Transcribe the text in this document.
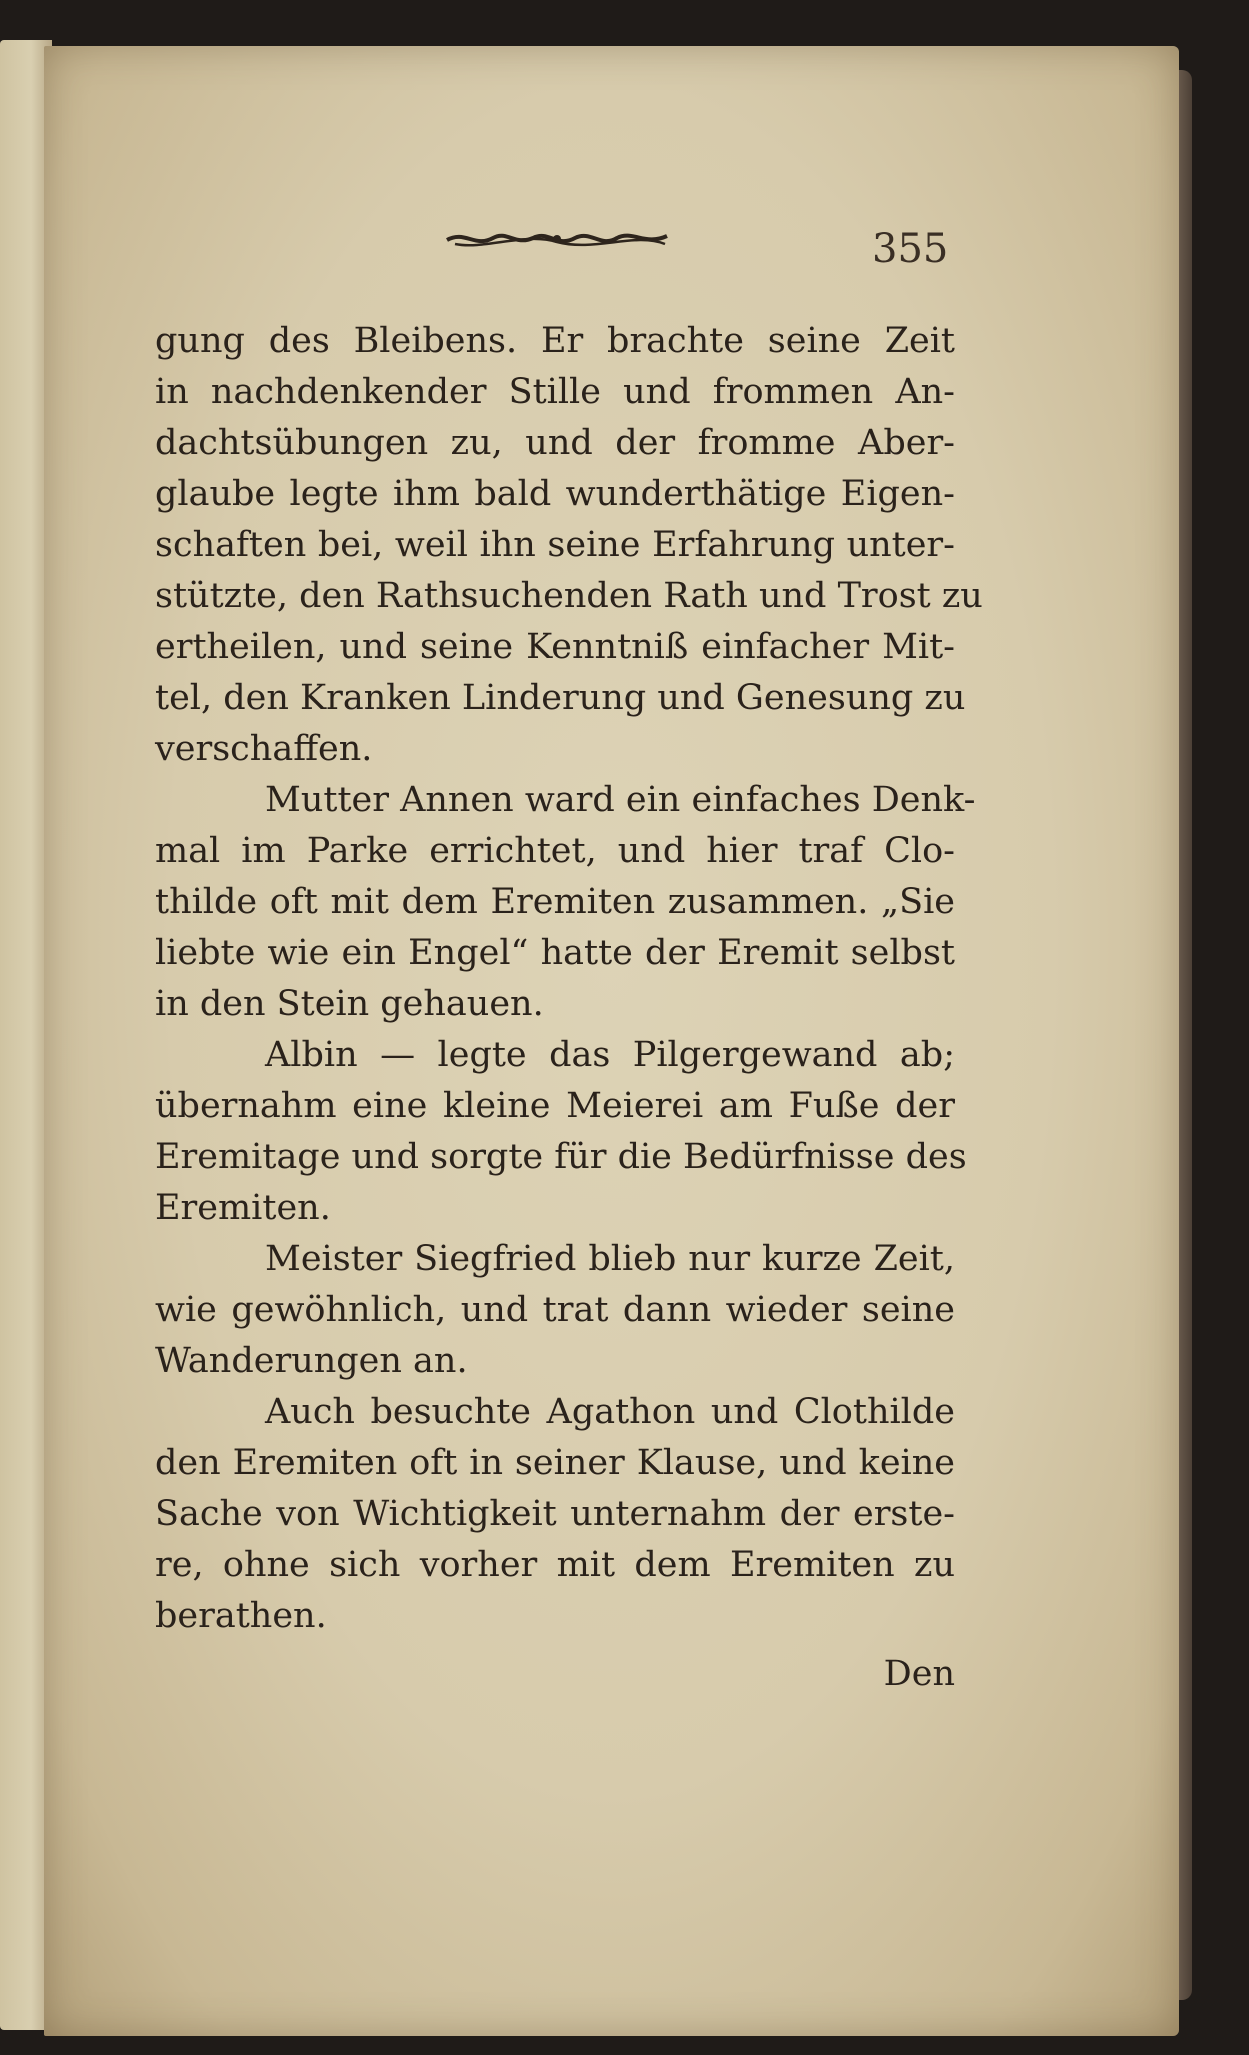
355
gung des Bleibens. Er brachte seine Zeit
in nachdenkender Stille und frommen An-
dachtsübungen zu, und der fromme Aber-
glaube legte ihm bald wunderthätige Eigen-
schaften bei, weil ihn seine Erfahrung unter-
stützte, den Rathsuchenden Rath und Trost zu
ertheilen, und seine Kenntniß einfacher Mit-
tel, den Kranken Linderung und Genesung zu
verschaffen.
Mutter Annen ward ein einfaches Denk-
mal im Parke errichtet, und hier traf Clo-
thilde oft mit dem Eremiten zusammen. „Sie
liebte wie ein Engel“ hatte der Eremit selbst
in den Stein gehauen.
Albin — legte das Pilgergewand ab;
übernahm eine kleine Meierei am Fuße der
Eremitage und sorgte für die Bedürfnisse des
Eremiten.
Meister Siegfried blieb nur kurze Zeit,
wie gewöhnlich, und trat dann wieder seine
Wanderungen an.
Auch besuchte Agathon und Clothilde
den Eremiten oft in seiner Klause, und keine
Sache von Wichtigkeit unternahm der erste-
re, ohne sich vorher mit dem Eremiten zu
berathen.
Den
